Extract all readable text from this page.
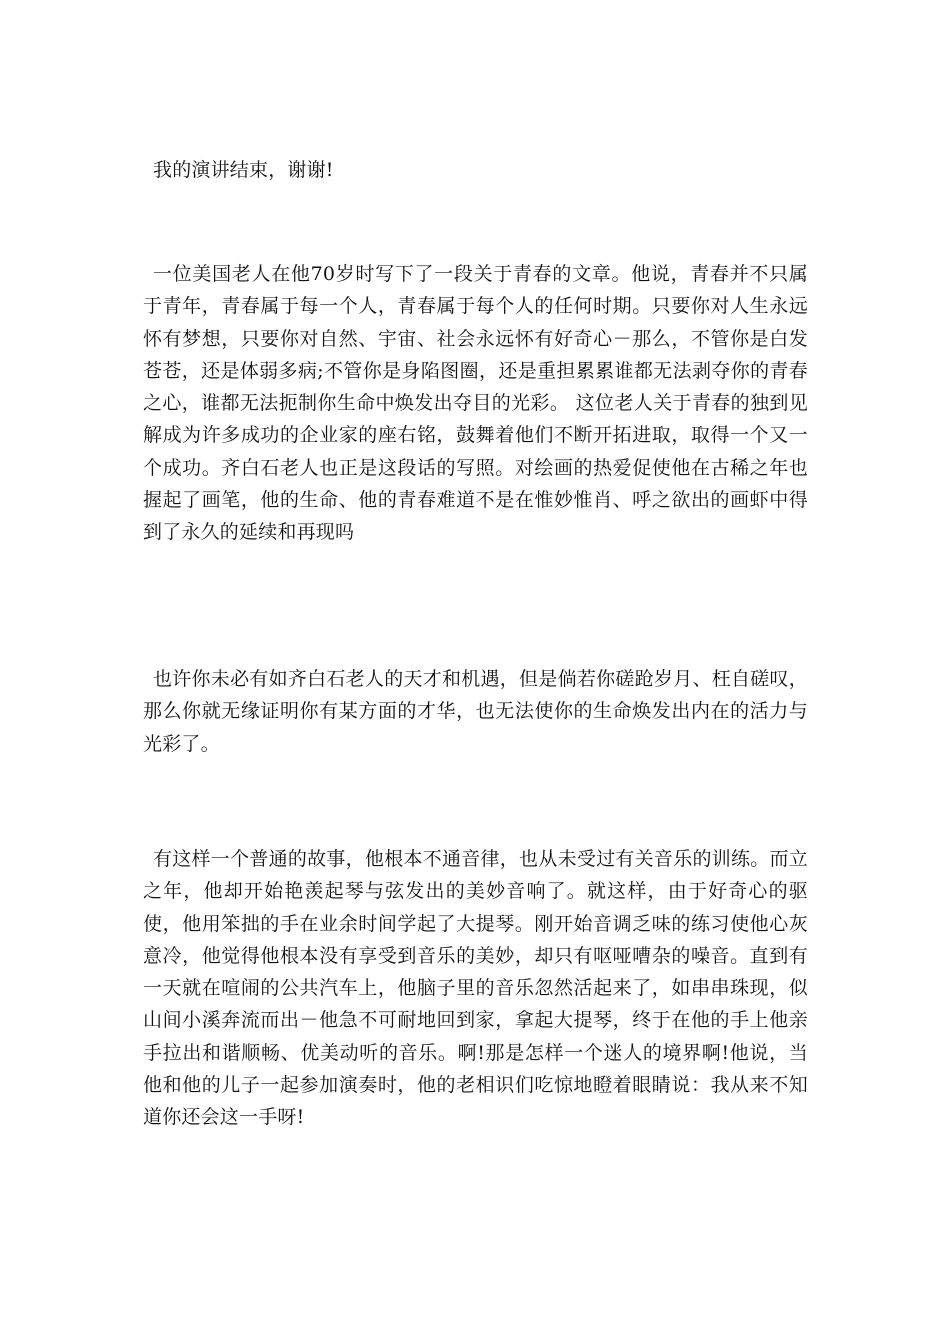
我的演讲结束，谢谢!

一位美国老人在他70岁时写下了一段关于青春的文章。他说，青春并不只属于青年，青春属于每一个人，青春属于每个人的任何时期。只要你对人生永远怀有梦想，只要你对自然、宇宙、社会永远怀有好奇心－那么，不管你是白发苍苍，还是体弱多病;不管你是身陷图圈，还是重担累累谁都无法剥夺你的青春之心，谁都无法扼制你生命中焕发出夺目的光彩。 这位老人关于青春的独到见解成为许多成功的企业家的座右铭，鼓舞着他们不断开拓进取，取得一个又一个成功。齐白石老人也正是这段话的写照。对绘画的热爱促使他在古稀之年也握起了画笔，他的生命、他的青春难道不是在惟妙惟肖、呼之欲出的画虾中得到了永久的延续和再现吗

也许你未必有如齐白石老人的天才和机遇，但是倘若你磋跄岁月、枉自磋叹，那么你就无缘证明你有某方面的才华，也无法使你的生命焕发出内在的活力与光彩了。

有这样一个普通的故事，他根本不通音律，也从未受过有关音乐的训练。而立之年，他却开始艳羡起琴与弦发出的美妙音响了。就这样，由于好奇心的驱使，他用笨拙的手在业余时间学起了大提琴。刚开始音调乏味的练习使他心灰意冷，他觉得他根本没有享受到音乐的美妙，却只有呕哑嘈杂的噪音。直到有一天就在喧闹的公共汽车上，他脑子里的音乐忽然活起来了，如串串珠现，似山间小溪奔流而出－他急不可耐地回到家，拿起大提琴，终于在他的手上他亲手拉出和谐顺畅、优美动听的音乐。啊!那是怎样一个迷人的境界啊!他说，当他和他的儿子一起参加演奏时，他的老相识们吃惊地瞪着眼睛说：我从来不知道你还会这一手呀!
